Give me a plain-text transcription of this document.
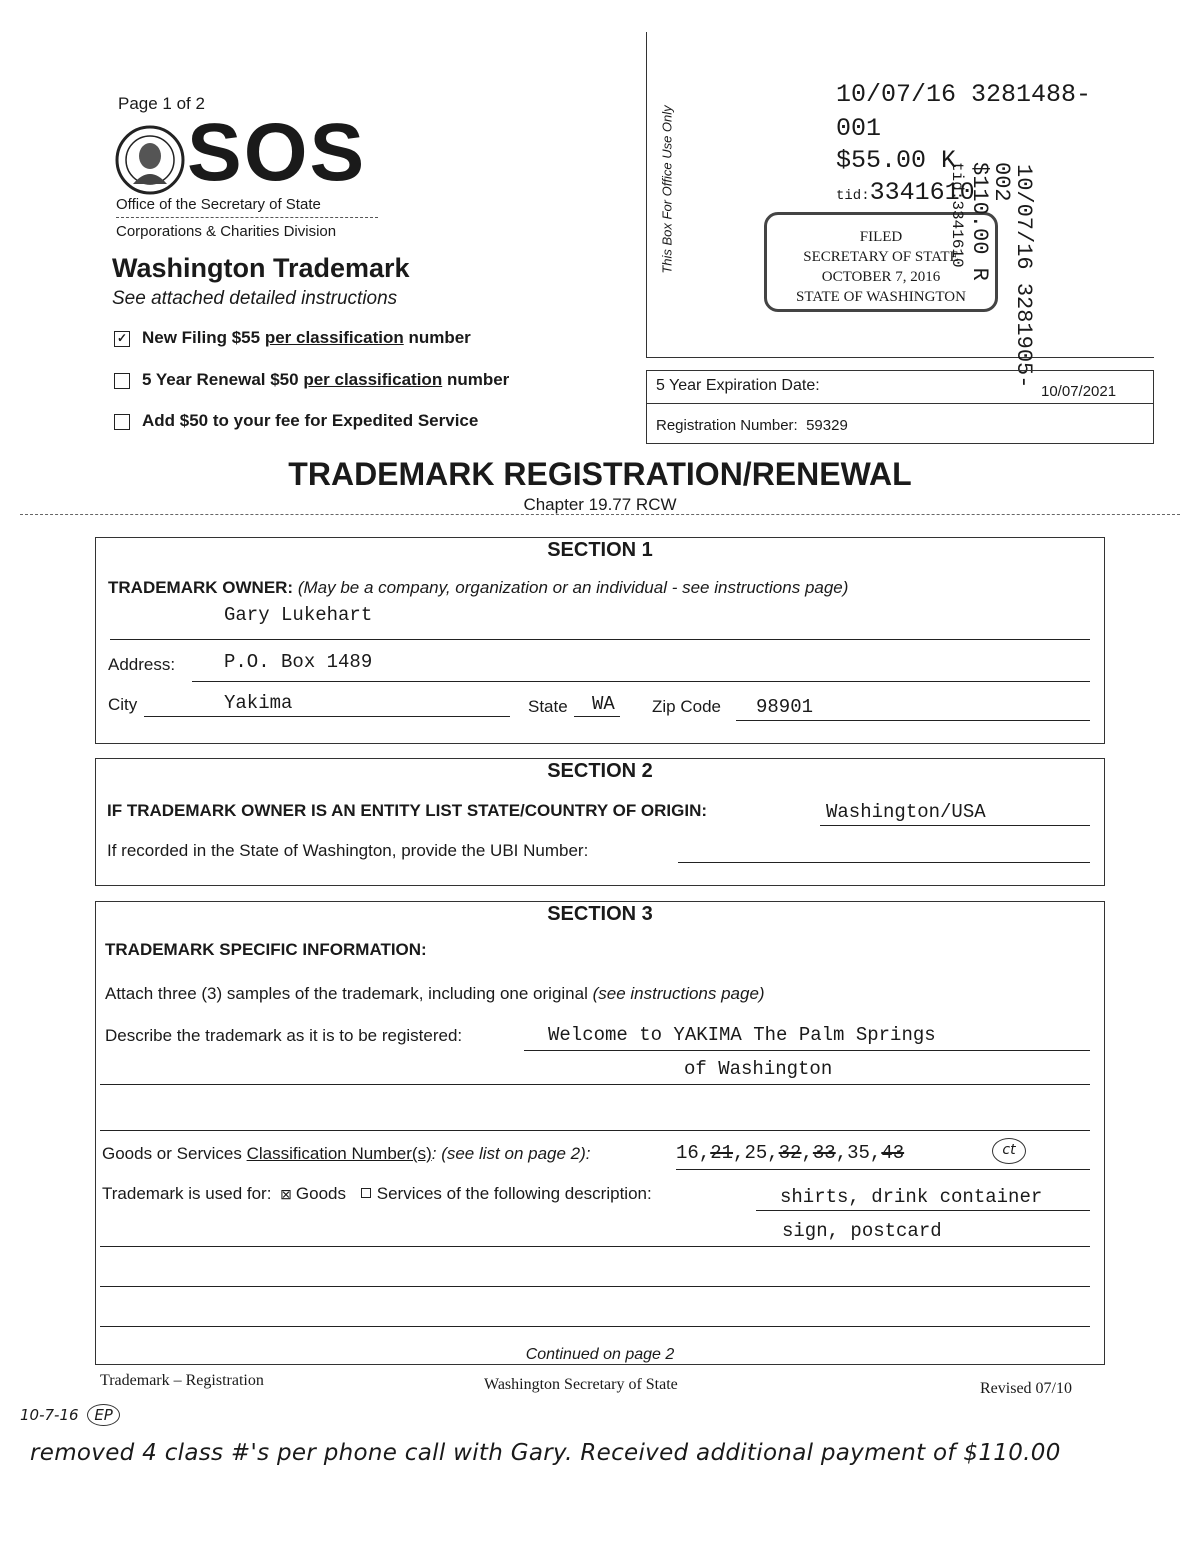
Page 1 of 2
SOS
Office of the Secretary of State
Corporations & Charities Division
Washington Trademark
See attached detailed instructions
✓ New Filing $55 per classification number
5 Year Renewal $50 per classification number
Add $50 to your fee for Expedited Service
This Box For Office Use Only
10/07/16 3281488-
001
$55.00 K
tid:3341610
FILED
SECRETARY OF STATE
OCTOBER 7, 2016
STATE OF WASHINGTON	10/07/16 3281905-
002
$110.00 R
tid:3341610
5 Year Expiration Date:	10/07/2021
Registration Number: 59329
TRADEMARK REGISTRATION/RENEWAL
Chapter 19.77 RCW
SECTION 1
TRADEMARK OWNER: (May be a company, organization or an individual - see instructions page)
Gary Lukehart
Address:	P.O. Box 1489
City	Yakima	State WA Zip Code 98901
SECTION 2
IF TRADEMARK OWNER IS AN ENTITY LIST STATE/COUNTRY OF ORIGIN:	Washington/USA
If recorded in the State of Washington, provide the UBI Number:
SECTION 3
TRADEMARK SPECIFIC INFORMATION:
Attach three (3) samples of the trademark, including one original (see instructions page)
Describe the trademark as it is to be registered:	Welcome to YAKIMA The Palm Springs
of Washington
Goods or Services Classification Number(s): (see list on page 2):	16,21,25,32,33,35,43	ct
Trademark is used for: ⊠ Goods Services of the following description:	shirts, drink container
sign, postcard
Continued on page 2
Trademark – Registration	Washington Secretary of State	Revised 07/10
10-7-16 EP
removed 4 class #'s per phone call with Gary. Received additional payment of $110.00
